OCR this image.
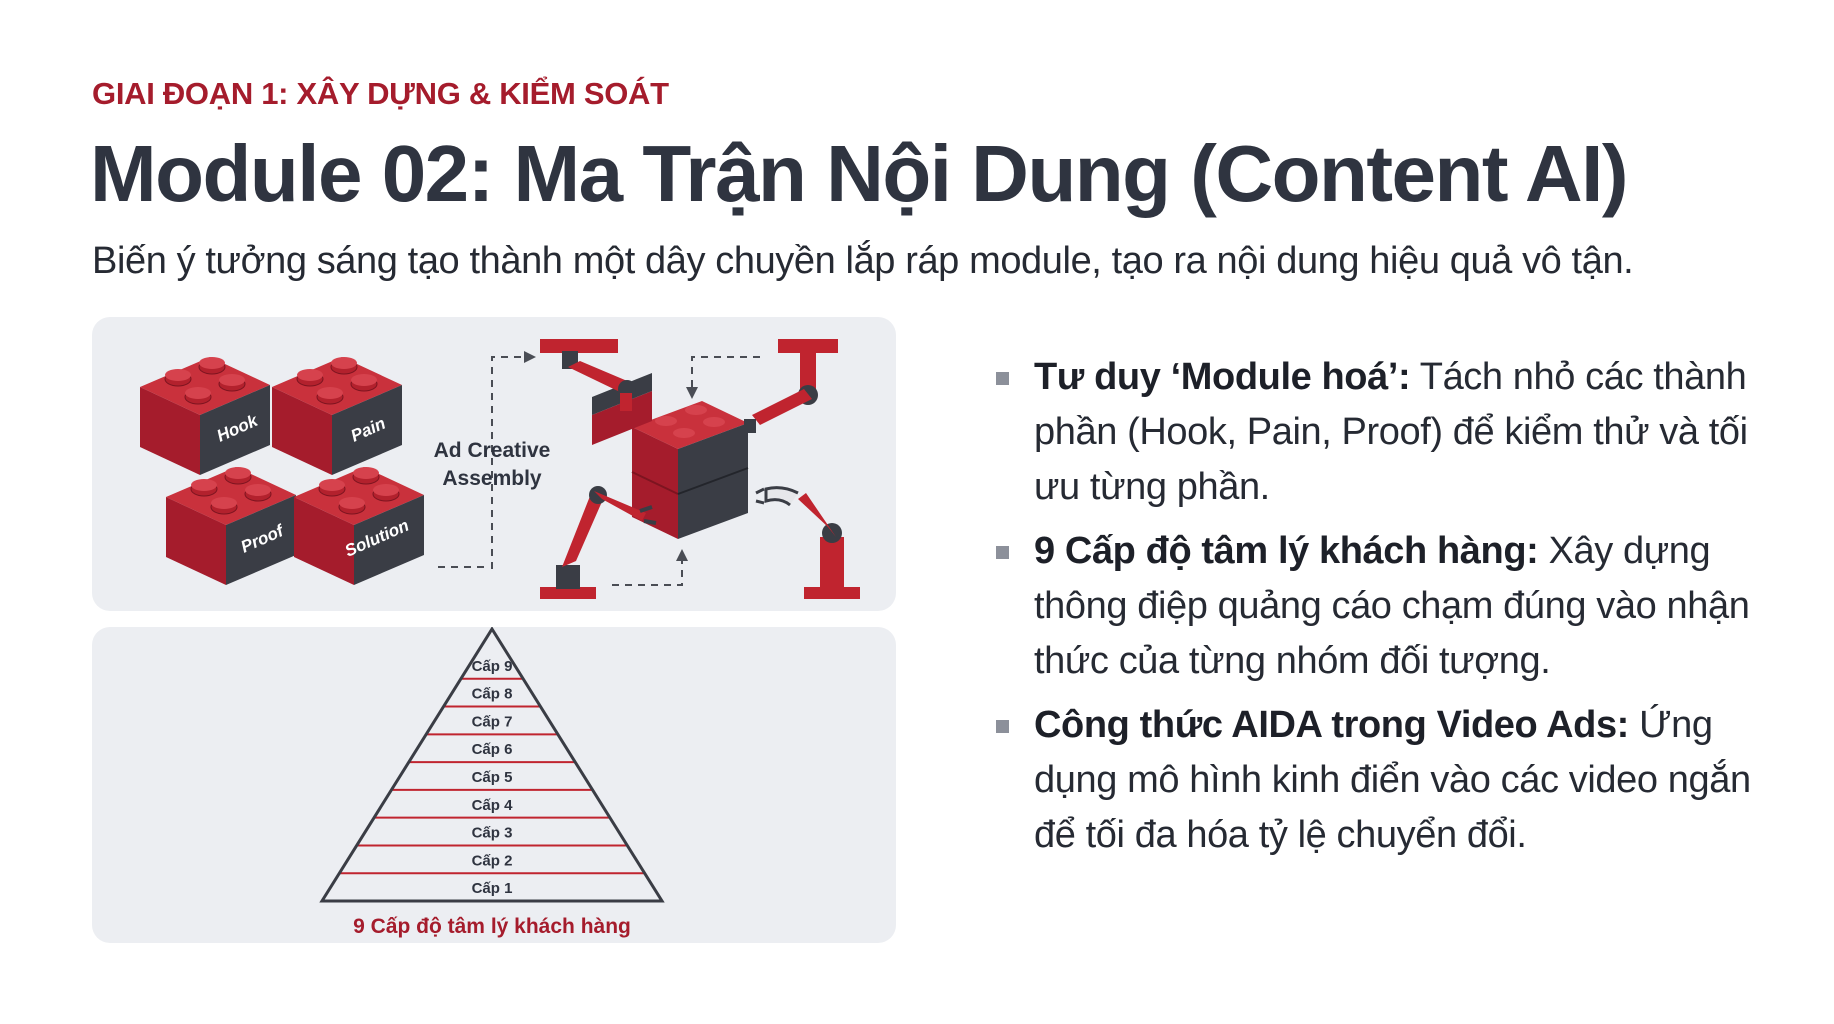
GIAI ĐOẠN 1: XÂY DỰNG & KIỂM SOÁT
Module 02: Ma Trận Nội Dung (Content AI)
Biến ý tưởng sáng tạo thành một dây chuyền lắp ráp module, tạo ra nội dung hiệu quả vô tận.
Hook	Pain
Proof	Solution
Ad Creative
Assembly
Cấp 9
Cấp 8
Cấp 7
Cấp 6
Cấp 5
Cấp 4
Cấp 3
Cấp 2
Cấp 1
9 Cấp độ tâm lý khách hàng
Tư duy ‘Module hoá’: Tách nhỏ các thành phần (Hook, Pain, Proof) để kiểm thử và tối ưu từng phần.
9 Cấp độ tâm lý khách hàng: Xây dựng thông điệp quảng cáo chạm đúng vào nhận thức của từng nhóm đối tượng.
Công thức AIDA trong Video Ads: Ứng dụng mô hình kinh điển vào các video ngắn để tối đa hóa tỷ lệ chuyển đổi.
